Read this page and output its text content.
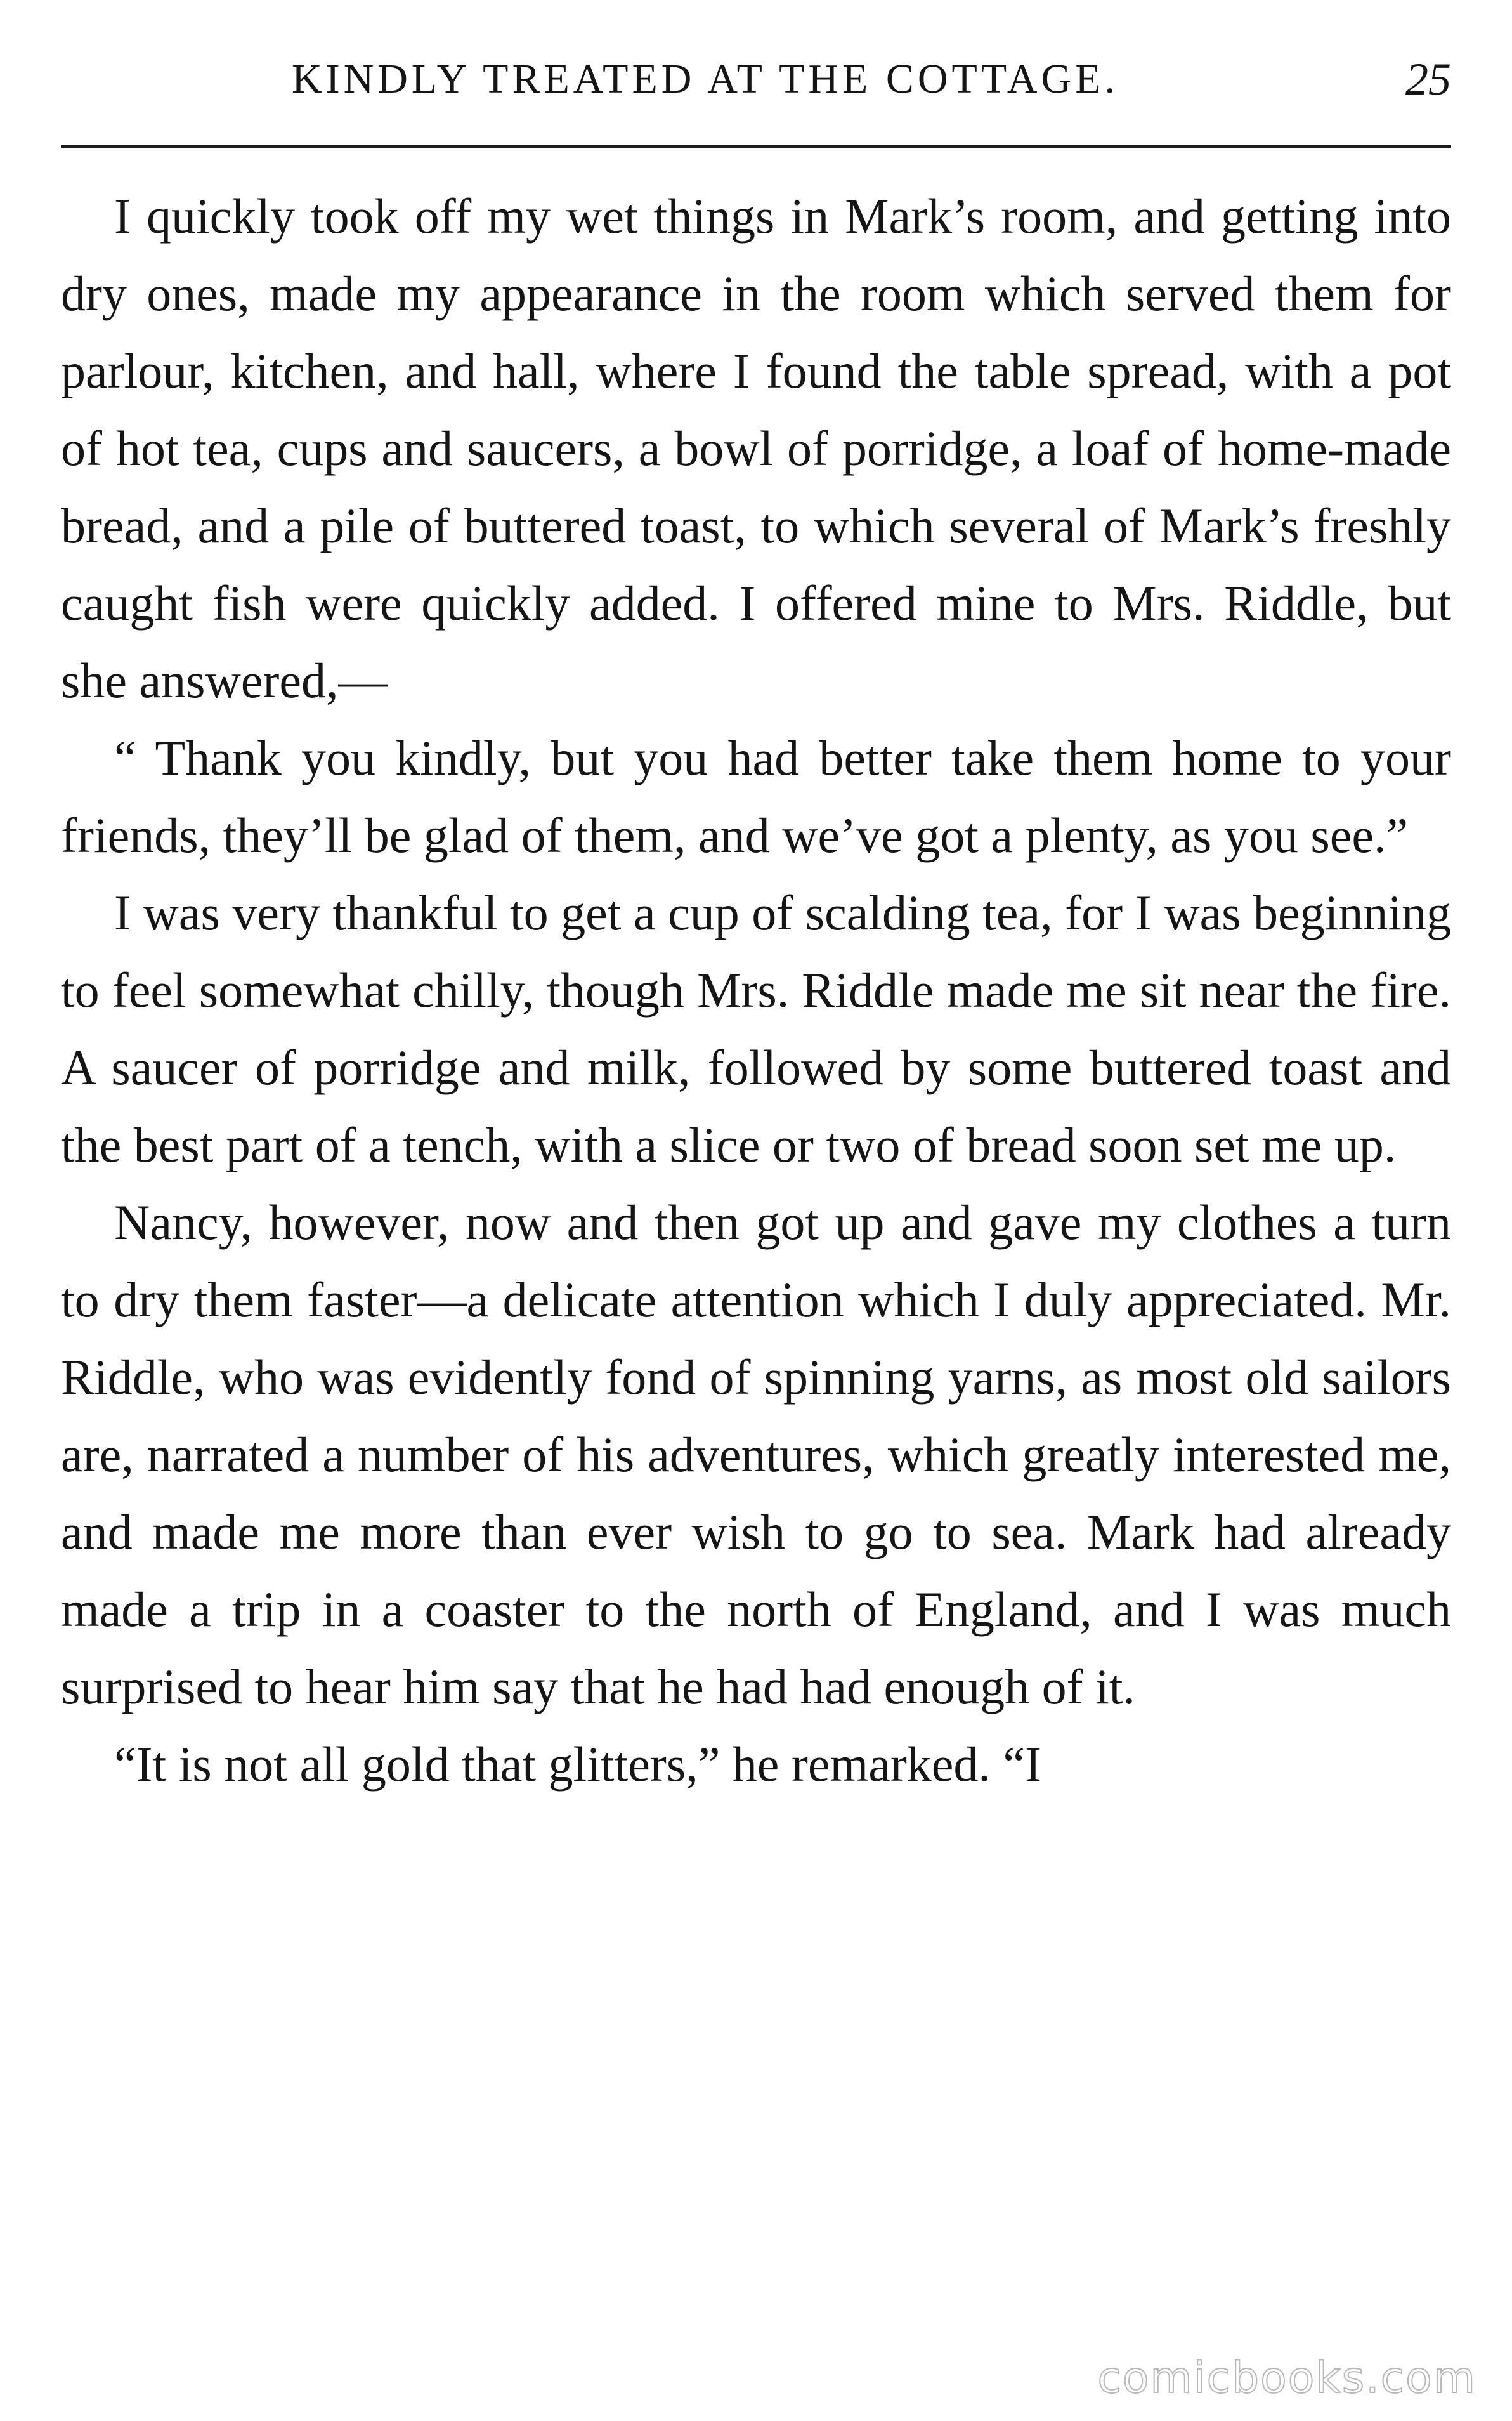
KINDLY TREATED AT THE COTTAGE.	25

I quickly took off my wet things in Mark’s room, and getting into dry ones, made my appearance in the room which served them for parlour, kitchen, and hall, where I found the table spread, with a pot of hot tea, cups and saucers, a bowl of porridge, a loaf of home-made bread, and a pile of buttered toast, to which several of Mark’s freshly caught fish were quickly added. I offered mine to Mrs. Riddle, but she answered,—

“ Thank you kindly, but you had better take them home to your friends, they’ll be glad of them, and we’ve got a plenty, as you see.”

I was very thankful to get a cup of scalding tea, for I was beginning to feel somewhat chilly, though Mrs. Riddle made me sit near the fire. A saucer of porridge and milk, followed by some buttered toast and the best part of a tench, with a slice or two of bread soon set me up.

Nancy, however, now and then got up and gave my clothes a turn to dry them faster—a delicate attention which I duly appreciated. Mr. Riddle, who was evidently fond of spinning yarns, as most old sailors are, narrated a number of his adventures, which greatly interested me, and made me more than ever wish to go to sea. Mark had already made a trip in a coaster to the north of England, and I was much surprised to hear him say that he had had enough of it.

“It is not all gold that glitters,” he remarked. “I

comicbooks.com
